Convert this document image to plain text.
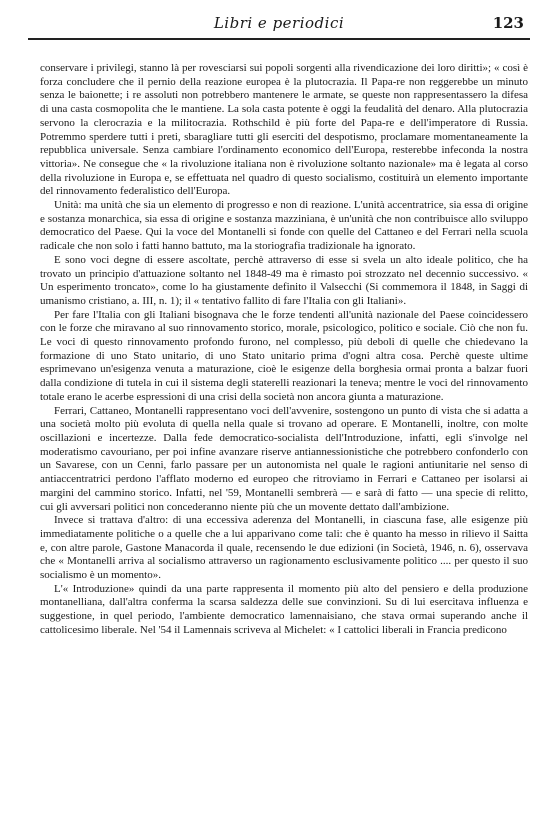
Libri e periodici	123

conservare i privilegi, stanno là per rovesciarsi sui popoli sorgenti alla rivendicazione dei loro diritti»; « così è forza concludere che il pernio della reazione europea è la plutocrazia. Il Papa-re non reggerebbe un minuto senza le baionette; i re assoluti non potrebbero mantenere le armate, se queste non rappresentassero la difesa di una casta cosmopolita che le mantiene. La sola casta potente è oggi la feudalità del denaro. Alla plutocrazia servono la clerocrazia e la militocrazia. Rothschild è più forte del Papa-re e dell'imperatore di Russia. Potremmo sperdere tutti i preti, sbaragliare tutti gli eserciti del despotismo, proclamare momentaneamente la repubblica universale. Senza cambiare l'ordinamento economico dell'Europa, resterebbe infeconda la nostra vittoria». Ne consegue che « la rivoluzione italiana non è rivoluzione soltanto nazionale» ma è legata al corso della rivoluzione in Europa e, se effettuata nel quadro di questo socialismo, costituirà un elemento importante del rinnovamento federalistico dell'Europa.

Unità: ma unità che sia un elemento di progresso e non di reazione. L'unità accentratrice, sia essa di origine e sostanza monarchica, sia essa di origine e sostanza mazziniana, è un'unità che non contribuisce allo sviluppo democratico del Paese. Qui la voce del Montanelli si fonde con quelle del Cattaneo e del Ferrari nella scuola radicale che non solo i fatti hanno battuto, ma la storiografia tradizionale ha ignorato.

E sono voci degne di essere ascoltate, perchè attraverso di esse si svela un alto ideale politico, che ha trovato un principio d'attuazione soltanto nel 1848-49 ma è rimasto poi strozzato nel decennio successivo. « Un esperimento troncato», come lo ha giustamente definito il Valsecchi (Si commemora il 1848, in Saggi di umanismo cristiano, a. III, n. 1); il « tentativo fallito di fare l'Italia con gli Italiani».

Per fare l'Italia con gli Italiani bisognava che le forze tendenti all'unità nazionale del Paese coincidessero con le forze che miravano al suo rinnovamento storico, morale, psicologico, politico e sociale. Ciò che non fu. Le voci di questo rinnovamento profondo furono, nel complesso, più deboli di quelle che chiedevano la formazione di uno Stato unitario, di uno Stato unitario prima d'ogni altra cosa. Perchè queste ultime esprimevano un'esigenza venuta a maturazione, cioè le esigenze della borghesia ormai pronta a balzar fuori dalla condizione di tutela in cui il sistema degli staterelli reazionari la teneva; mentre le voci del rinnovamento totale erano le acerbe espressioni di una crisi della società non ancora giunta a maturazione.

Ferrari, Cattaneo, Montanelli rappresentano voci dell'avvenire, sostengono un punto di vista che si adatta a una società molto più evoluta di quella nella quale si trovano ad operare. E Montanelli, inoltre, con molte oscillazioni e incertezze. Dalla fede democratico-socialista dell'Introduzione, infatti, egli s'involge nel moderatismo cavouriano, per poi infine avanzare riserve antiannessionistiche che potrebbero confonderlo con un Savarese, con un Cenni, farlo passare per un autonomista nel quale le ragioni antiunitarie nel senso di antiaccentratrici perdono l'afflato moderno ed europeo che ritroviamo in Ferrari e Cattaneo per isolarsi ai margini del cammino storico. Infatti, nel '59, Montanelli sembrerà — e sarà di fatto — una specie di relitto, cui gli avversari politici non concederanno niente più che un movente dettato dall'ambizione.

Invece si trattava d'altro: di una eccessiva aderenza del Montanelli, in ciascuna fase, alle esigenze più immediatamente politiche o a quelle che a lui apparivano come tali: che è quanto ha messo in rilievo il Saitta e, con altre parole, Gastone Manacorda il quale, recensendo le due edizioni (in Società, 1946, n. 6), osservava che « Montanelli arriva al socialismo attraverso un ragionamento esclusivamente politico .... per questo il suo socialismo è un momento».

L'« Introduzione» quindi da una parte rappresenta il momento più alto del pensiero e della produzione montanelliana, dall'altra conferma la scarsa saldezza delle sue convinzioni. Su di lui esercitava influenza e suggestione, in quel periodo, l'ambiente democratico lamennaisiano, che stava ormai superando anche il cattolicesimo liberale. Nel '54 il Lamennais scriveva al Michelet: « I cattolici liberali in Francia predicono
